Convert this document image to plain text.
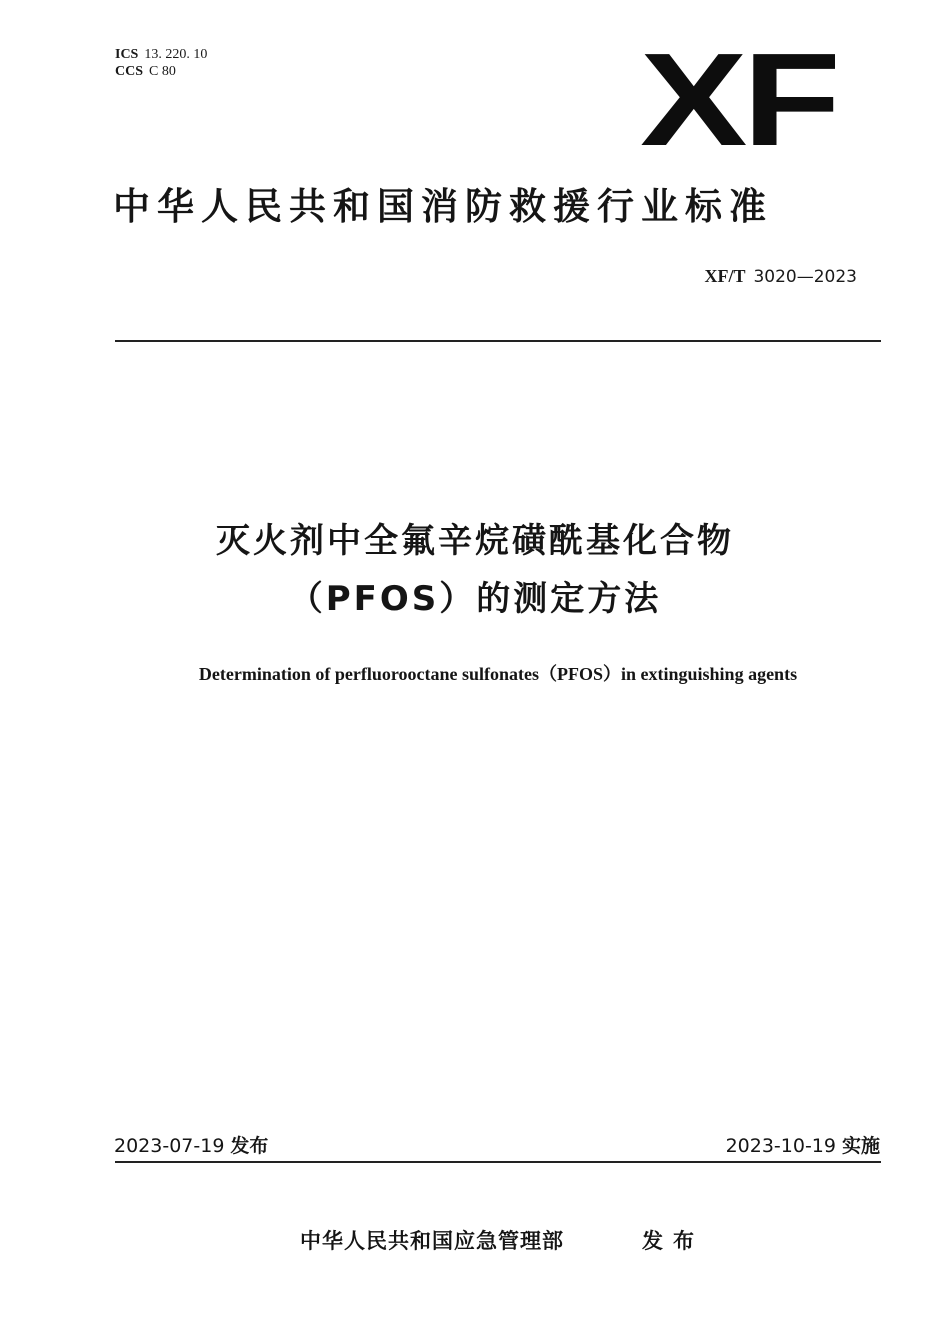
ICS 13. 220. 10
CCS C 80	XF
中华人民共和国消防救援行业标准
XF/T 3020—2023
灭火剂中全氟辛烷磺酰基化合物
（PFOS）的测定方法
Determination of perfluorooctane sulfonates（PFOS）in extinguishing agents
2023-07-19 发布	2023-10-19 实施
中华人民共和国应急管理部	发布
